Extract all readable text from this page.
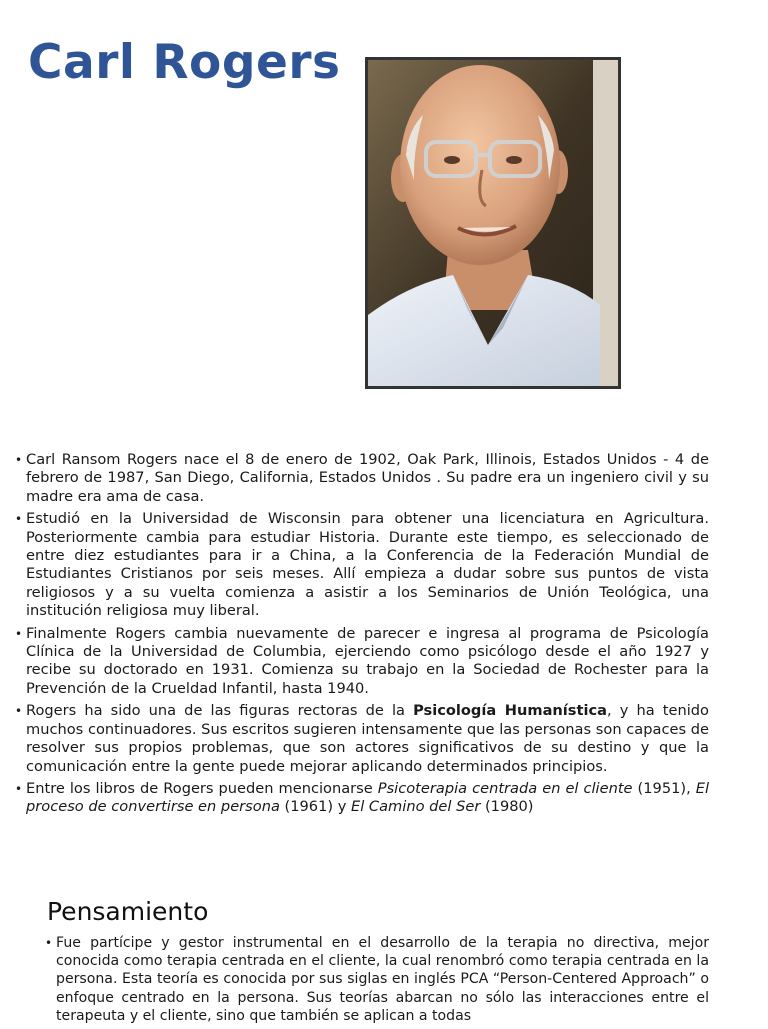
Carl Rogers
• Carl Ransom Rogers nace el 8 de enero de 1902, Oak Park, Illinois, Estados Unidos - 4 de febrero de 1987, San Diego, California, Estados Unidos . Su padre era un ingeniero civil y su madre era ama de casa.
• Estudió en la Universidad de Wisconsin para obtener una licenciatura en Agricultura. Posteriormente cambia para estudiar Historia. Durante este tiempo, es seleccionado de entre diez estudiantes para ir a China, a la Conferencia de la Federación Mundial de Estudiantes Cristianos por seis meses. Allí empieza a dudar sobre sus puntos de vista religiosos y a su vuelta comienza a asistir a los Seminarios de Unión Teológica, una institución religiosa muy liberal.
• Finalmente Rogers cambia nuevamente de parecer e ingresa al programa de Psicología Clínica de la Universidad de Columbia, ejerciendo como psicólogo desde el año 1927 y recibe su doctorado en 1931. Comienza su trabajo en la Sociedad de Rochester para la Prevención de la Crueldad Infantil, hasta 1940.
• Rogers ha sido una de las figuras rectoras de la Psicología Humanística, y ha tenido muchos continuadores. Sus escritos sugieren intensamente que las personas son capaces de resolver sus propios problemas, que son actores significativos de su destino y que la comunicación entre la gente puede mejorar aplicando determinados principios.
• Entre los libros de Rogers pueden mencionarse Psicoterapia centrada en el cliente (1951), El proceso de convertirse en persona (1961) y El Camino del Ser (1980)
Pensamiento
• Fue partícipe y gestor instrumental en el desarrollo de la terapia no directiva, mejor conocida como terapia centrada en el cliente, la cual renombró como terapia centrada en la persona. Esta teoría es conocida por sus siglas en inglés PCA “Person-Centered Approach” o enfoque centrado en la persona. Sus teorías abarcan no sólo las interacciones entre el terapeuta y el cliente, sino que también se aplican a todas
